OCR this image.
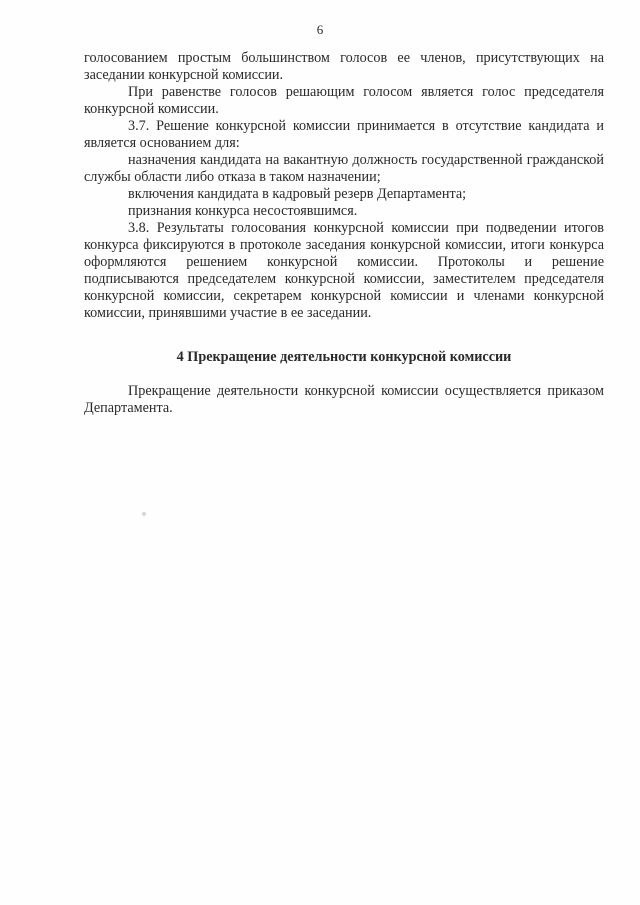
6

голосованием простым большинством голосов ее членов, присутствующих на заседании конкурсной комиссии.

При равенстве голосов решающим голосом является голос председателя конкурсной комиссии.

3.7. Решение конкурсной комиссии принимается в отсутствие кандидата и является основанием для:

назначения кандидата на вакантную должность государственной гражданской службы области либо отказа в таком назначении;

включения кандидата в кадровый резерв Департамента;

признания конкурса несостоявшимся.

3.8. Результаты голосования конкурсной комиссии при подведении итогов конкурса фиксируются в протоколе заседания конкурсной комиссии, итоги конкурса оформляются решением конкурсной комиссии. Протоколы и решение подписываются председателем конкурсной комиссии, заместителем председателя конкурсной комиссии, секретарем конкурсной комиссии и членами конкурсной комиссии, принявшими участие в ее заседании.

4 Прекращение деятельности конкурсной комиссии

Прекращение деятельности конкурсной комиссии осуществляется приказом Департамента.
